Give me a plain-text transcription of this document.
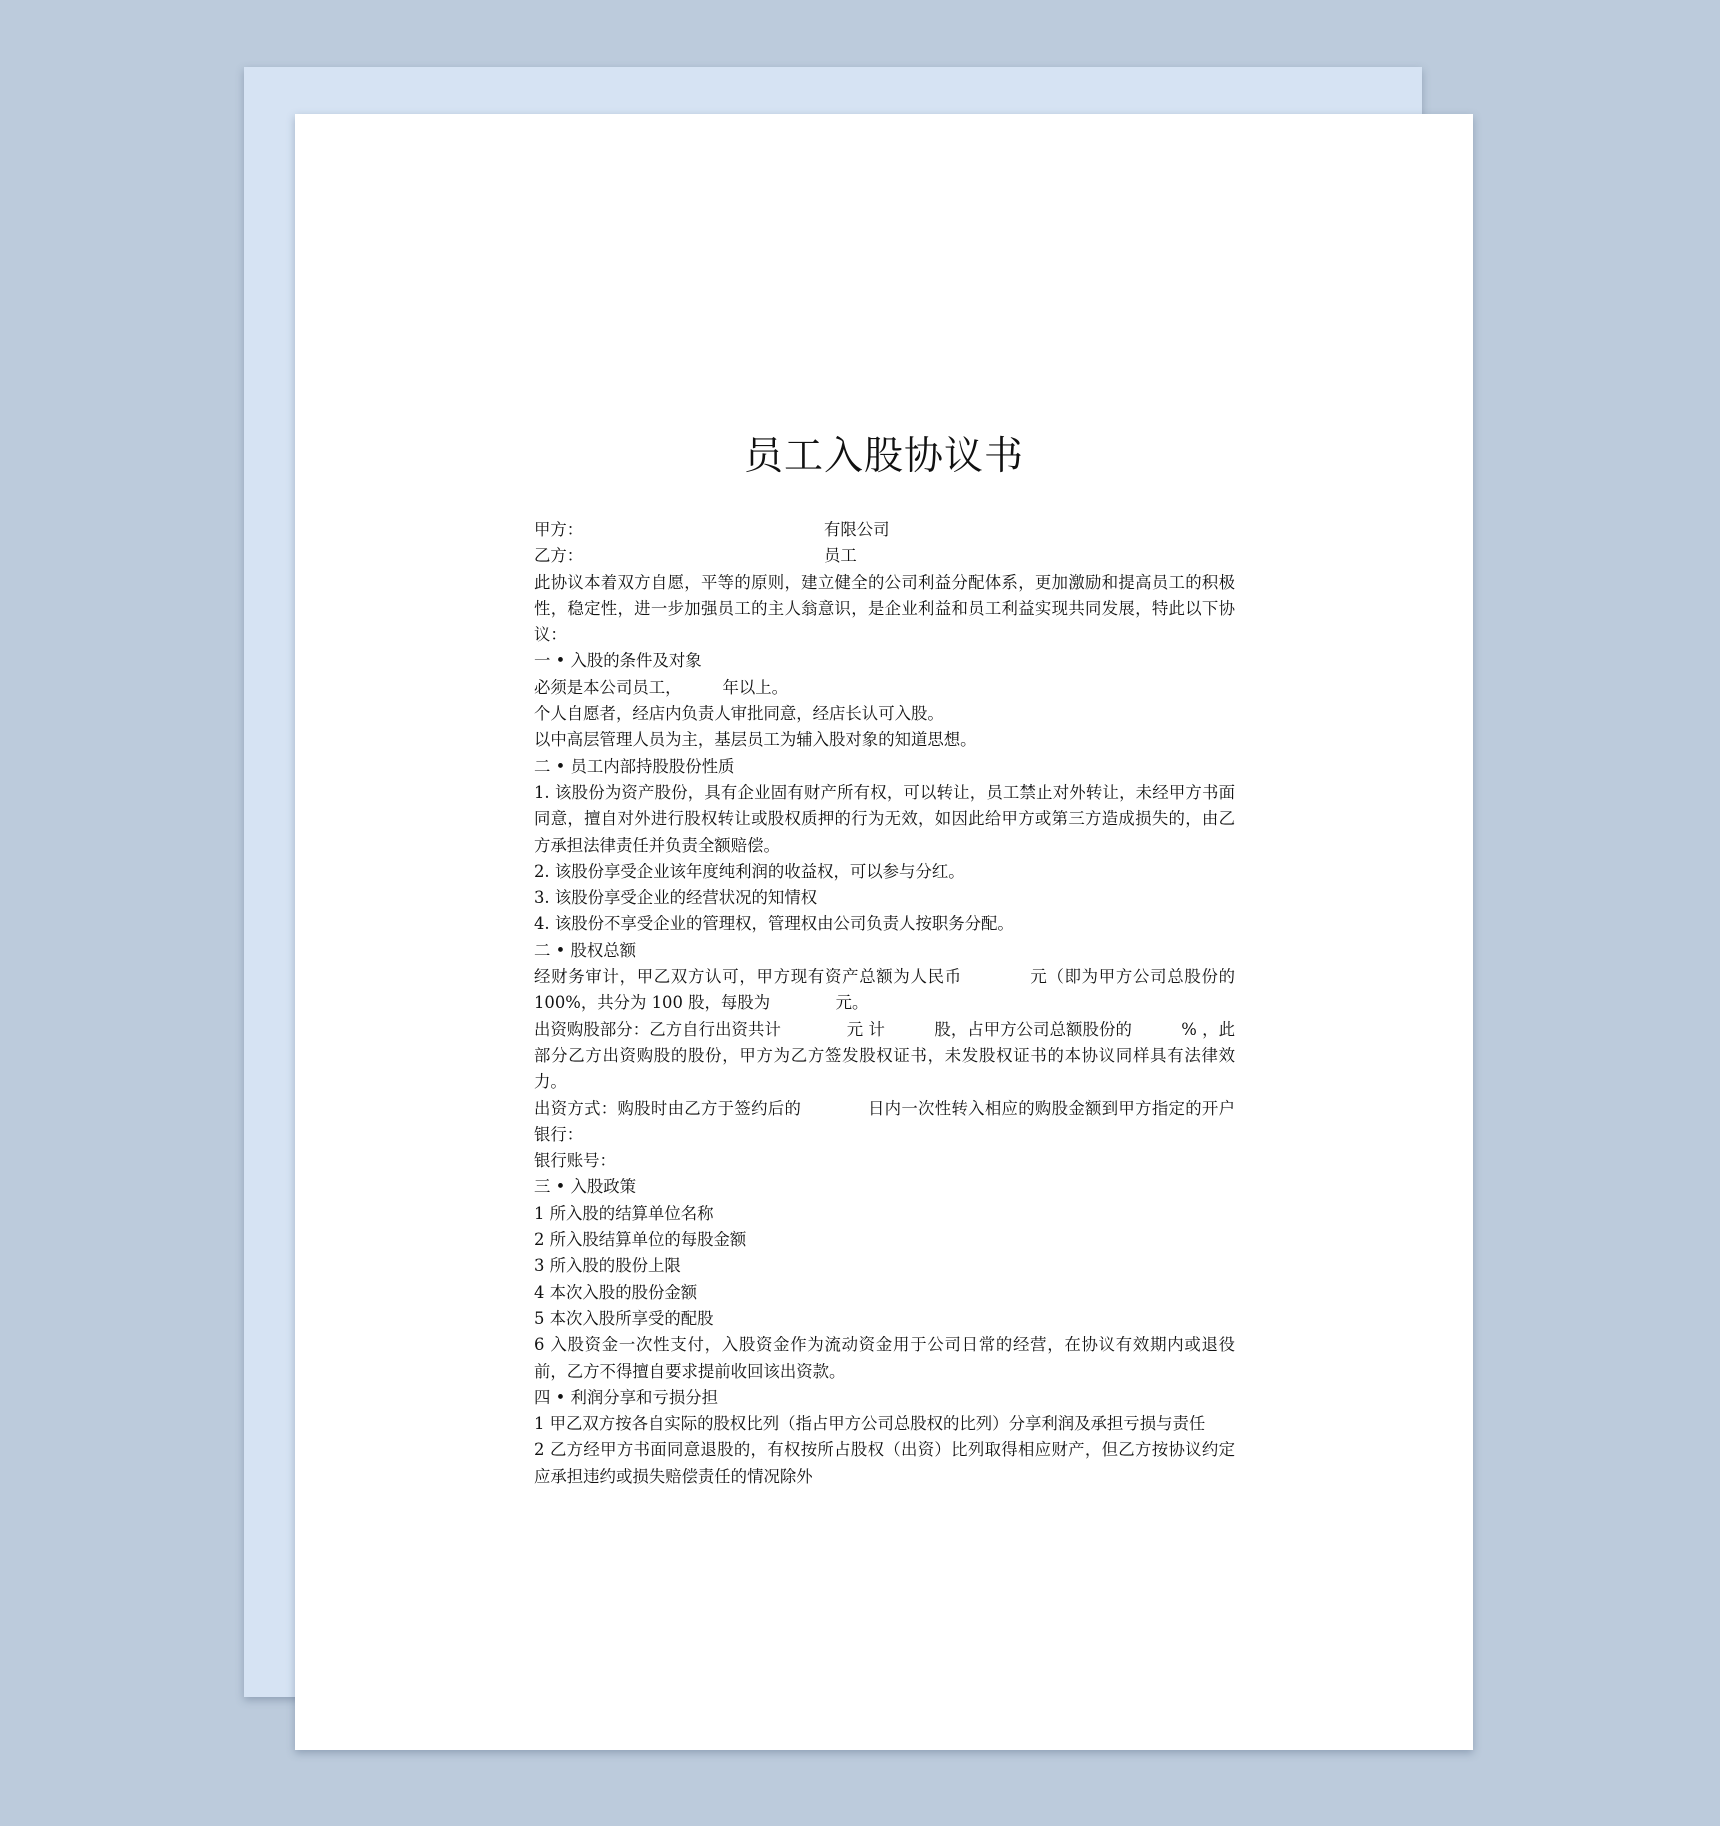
员工入股协议书
甲方：	有限公司
乙方：	员工

此协议本着双方自愿，平等的原则，建立健全的公司利益分配体系，更加激励和提高员工的积极性，稳定性，进一步加强员工的主人翁意识，是企业利益和员工利益实现共同发展，特此以下协议：

一 • 入股的条件及对象

必须是本公司员工，　　　年以上。

个人自愿者，经店内负责人审批同意，经店长认可入股。

以中高层管理人员为主，基层员工为辅入股对象的知道思想。

二 • 员工内部持股股份性质

1. 该股份为资产股份，具有企业固有财产所有权，可以转让，员工禁止对外转让，未经甲方书面同意，擅自对外进行股权转让或股权质押的行为无效，如因此给甲方或第三方造成损失的，由乙方承担法律责任并负责全额赔偿。

2. 该股份享受企业该年度纯利润的收益权，可以参与分红。

3. 该股份享受企业的经营状况的知情权

4. 该股份不享受企业的管理权，管理权由公司负责人按职务分配。

二 • 股权总额

经财务审计，甲乙双方认可，甲方现有资产总额为人民币　　　　元（即为甲方公司总股份的 100%，共分为 100 股，每股为　　　　元。

出资购股部分：乙方自行出资共计　　　　元 计　　　股，占甲方公司总额股份的　　　% ，此部分乙方出资购股的股份，甲方为乙方签发股权证书，未发股权证书的本协议同样具有法律效力。

出资方式：购股时由乙方于签约后的　　　　日内一次性转入相应的购股金额到甲方指定的开户银行：

银行账号：

三 • 入股政策

1 所入股的结算单位名称

2 所入股结算单位的每股金额

3 所入股的股份上限

4 本次入股的股份金额

5 本次入股所享受的配股

6 入股资金一次性支付，入股资金作为流动资金用于公司日常的经营，在协议有效期内或退役前，乙方不得擅自要求提前收回该出资款。

四 • 利润分享和亏损分担

1 甲乙双方按各自实际的股权比列（指占甲方公司总股权的比列）分享利润及承担亏损与责任

2 乙方经甲方书面同意退股的，有权按所占股权（出资）比列取得相应财产，但乙方按协议约定应承担违约或损失赔偿责任的情况除外
